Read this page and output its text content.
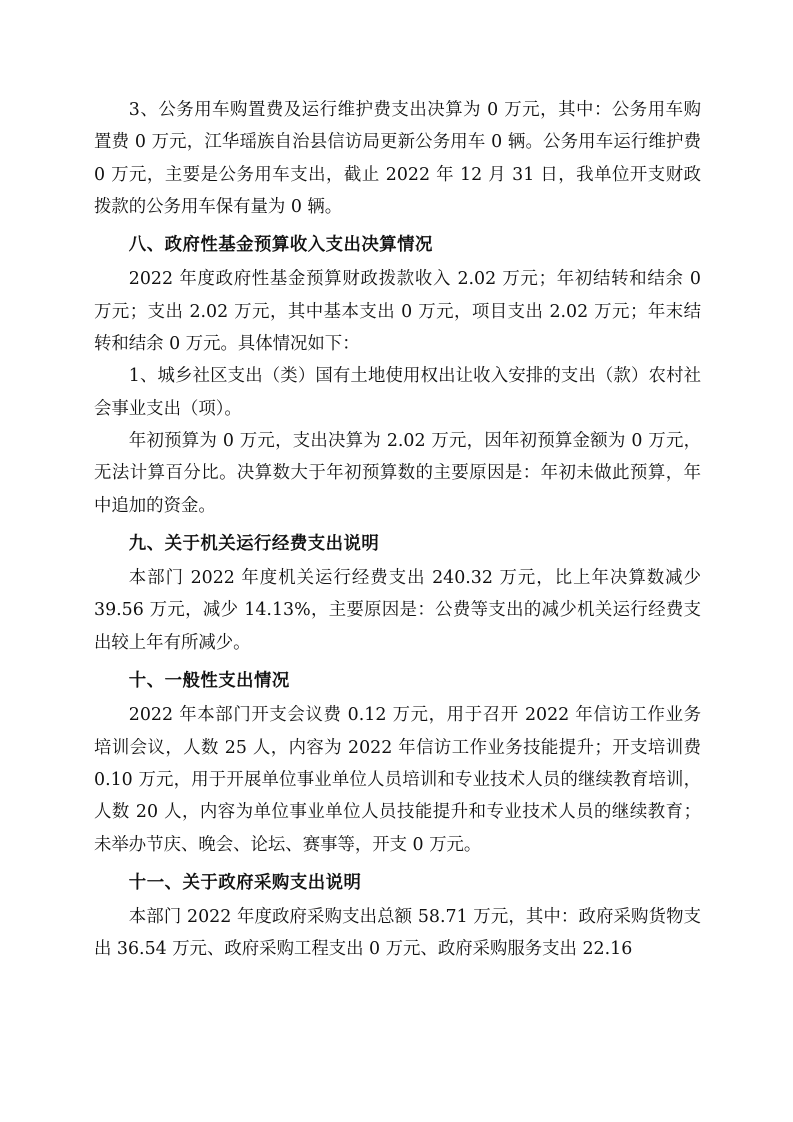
3、公务用车购置费及运行维护费支出决算为 0 万元，其中：公务用车购置费 0 万元，江华瑶族自治县信访局更新公务用车 0 辆。公务用车运行维护费 0 万元，主要是公务用车支出，截止 2022 年 12 月 31 日，我单位开支财政拨款的公务用车保有量为 0 辆。

八、政府性基金预算收入支出决算情况

2022 年度政府性基金预算财政拨款收入 2.02 万元；年初结转和结余 0 万元；支出 2.02 万元，其中基本支出 0 万元，项目支出 2.02 万元；年末结转和结余 0 万元。具体情况如下：

1、城乡社区支出（类）国有土地使用权出让收入安排的支出（款）农村社会事业支出（项）。

年初预算为 0 万元，支出决算为 2.02 万元，因年初预算金额为 0 万元，无法计算百分比。决算数大于年初预算数的主要原因是：年初未做此预算，年中追加的资金。

九、关于机关运行经费支出说明

本部门 2022 年度机关运行经费支出 240.32 万元，比上年决算数减少 39.56 万元，减少 14.13%，主要原因是：公费等支出的减少机关运行经费支出较上年有所减少。

十、一般性支出情况

2022 年本部门开支会议费 0.12 万元，用于召开 2022 年信访工作业务培训会议，人数 25 人，内容为 2022 年信访工作业务技能提升；开支培训费 0.10 万元，用于开展单位事业单位人员培训和专业技术人员的继续教育培训，人数 20 人，内容为单位事业单位人员技能提升和专业技术人员的继续教育；未举办节庆、晚会、论坛、赛事等，开支 0 万元。

十一、关于政府采购支出说明

本部门 2022 年度政府采购支出总额 58.71 万元，其中：政府采购货物支出 36.54 万元、政府采购工程支出 0 万元、政府采购服务支出 22.16
